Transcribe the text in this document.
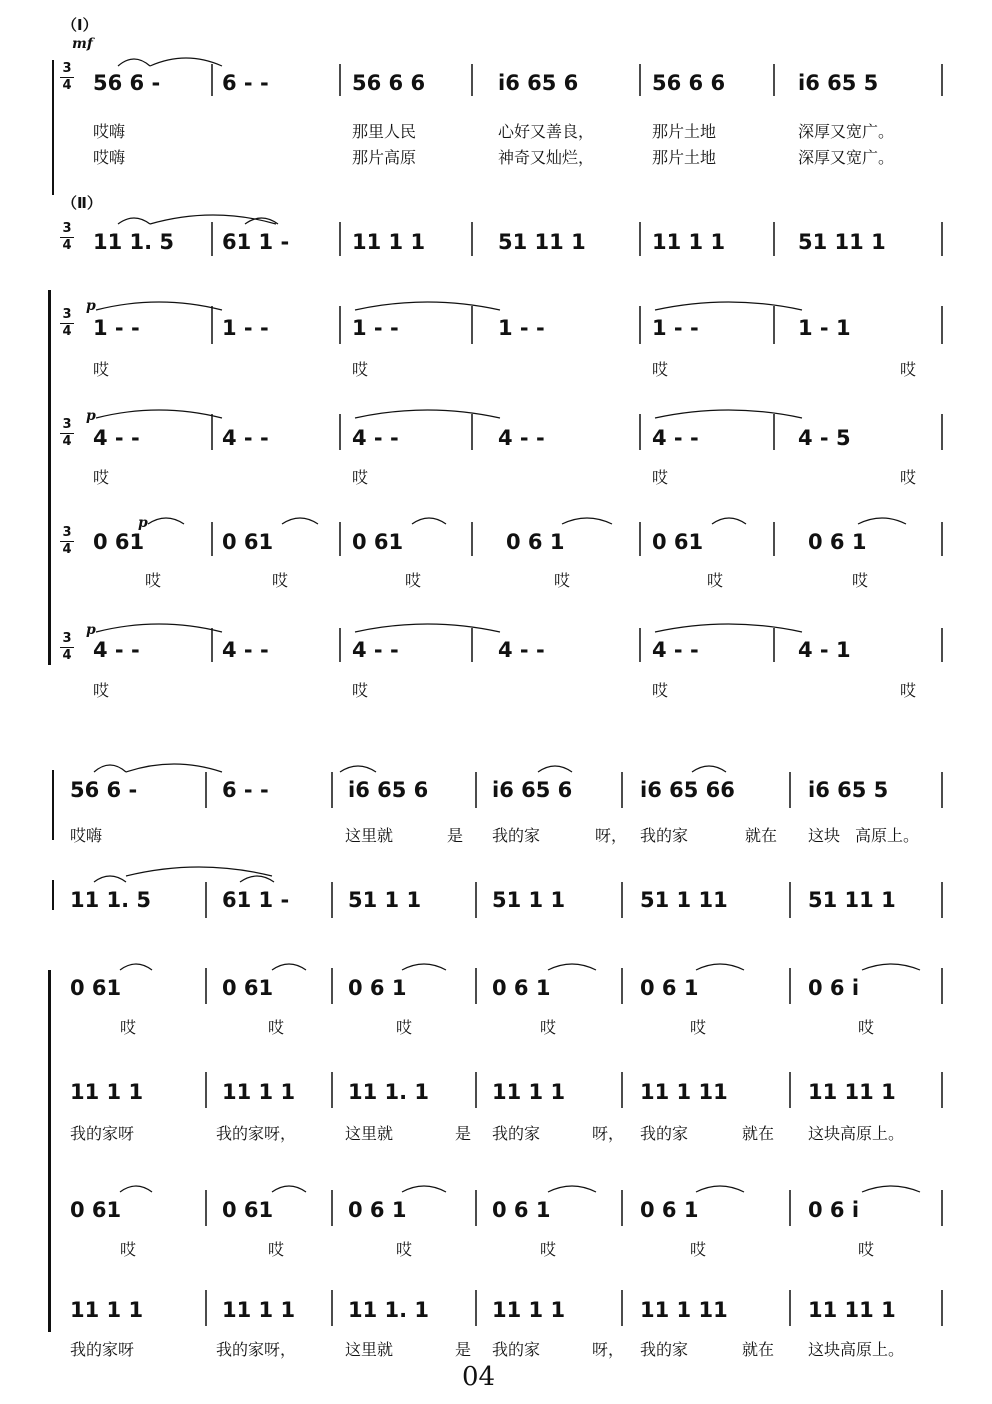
（Ⅰ）
mf
3
4
3
4
3
4
3
4
3
4
3
4
（Ⅱ）
p
p
p
p
56 6 -	6 - -	56 6 6	i6 65 6	56 6 6	i6 65 5
哎嗨	那里人民	心好又善良，	那片土地	深厚又宽广。
哎嗨	那片高原	神奇又灿烂，	那片土地	深厚又宽广。
11 1. 5 61 1 -	11 1 1	51 11 1	11 1 1	51 11 1
1 - -	1 - -	1 - -	1 - -	1 - -	1 - 1
哎	哎	哎	哎
4 - -	4 - -	4 - -	4 - -	4 - -	4 - 5
哎	哎	哎	哎
0 61	0 61	0 61	0 6 1	0 61	0 6 1
哎	哎	哎	哎	哎	哎
4 - -	4 - -	4 - -	4 - -	4 - -	4 - 1
哎	哎	哎	哎
56 6 -	6 - -	i6 65 6	i6 65 6	i6 65 66	i6 65 5
哎嗨	这里就	是 我的家	呀， 我的家	就在 这块 高原上。
11 1. 5	61 1 -	51 1 1	51 1 1	51 1 11	51 11 1
0 61	0 61	0 6 1	0 6 1	0 6 1	0 6 i
哎	哎	哎	哎	哎	哎
11 1 1	11 1 1	11 1. 1	11 1 1	11 1 11	11 11 1
我的家呀	我的家呀，	这里就	是 我的家	呀， 我的家	就在 这块高原上。
0 61	0 61	0 6 1	0 6 1	0 6 1	0 6 i
哎	哎	哎	哎	哎	哎
11 1 1	11 1 1	11 1. 1	11 1 1	11 1 11	11 11 1
我的家呀	我的家呀，	这里就	是 我的家	呀， 我的家	就在 这块高原上。
04
